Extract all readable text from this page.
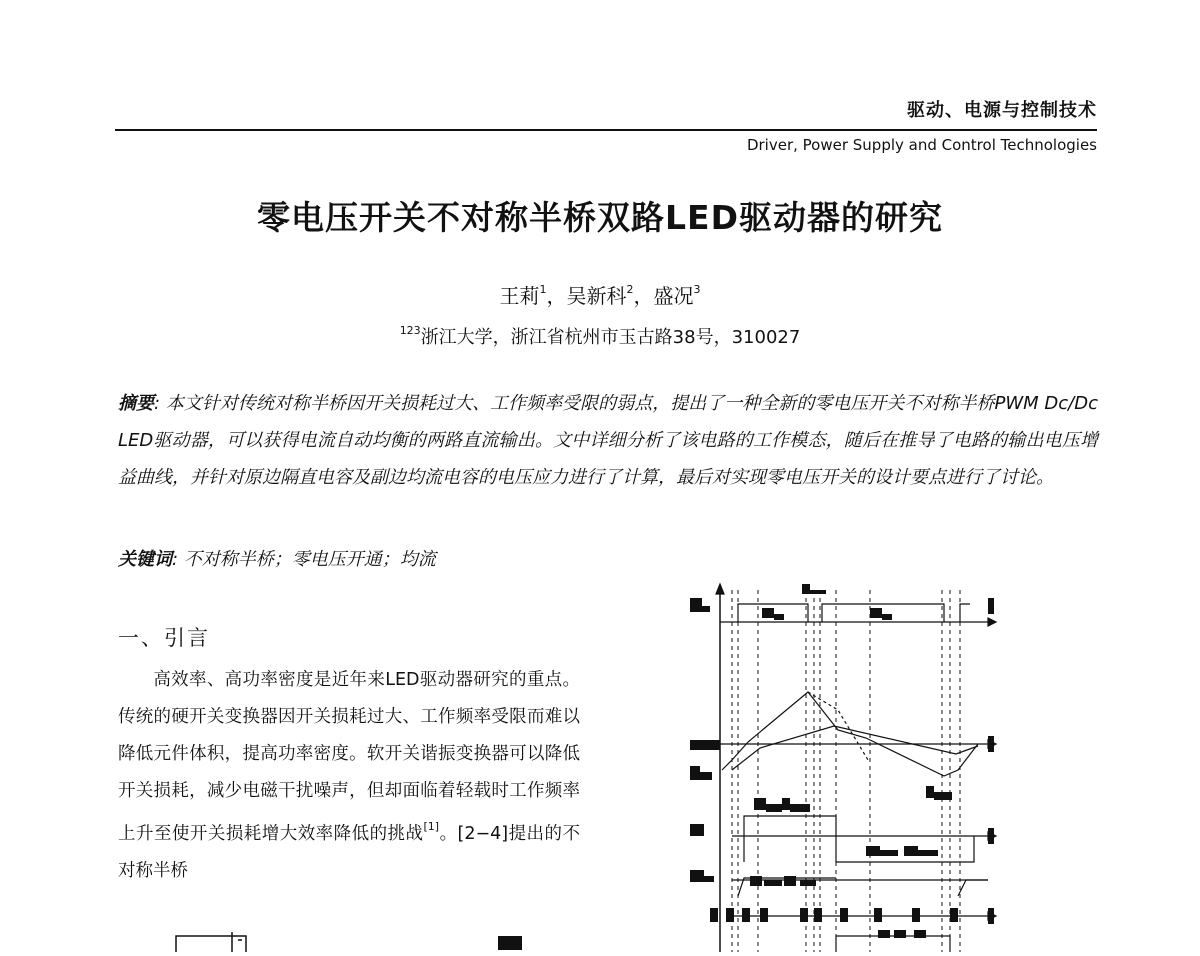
驱动、电源与控制技术
Driver, Power Supply and Control Technologies
零电压开关不对称半桥双路LED驱动器的研究
王莉$^1$，吴新科$^2$，盛况$^3$
$^{123}$浙江大学，浙江省杭州市玉古路38号，310027
摘要: 本文针对传统对称半桥因开关损耗过大、工作频率受限的弱点，提出了一种全新的零电压开关不对称半桥PWM Dc/Dc LED驱动器，可以获得电流自动均衡的两路直流输出。文中详细分析了该电路的工作模态，随后在推导了电路的输出电压增益曲线，并针对原边隔直电容及副边均流电容的电压应力进行了计算，最后对实现零电压开关的设计要点进行了讨论。
关键词: 不对称半桥；零电压开通；均流
一、引言
高效率、高功率密度是近年来LED驱动器研究的重点。传统的硬开关变换器因开关损耗过大、工作频率受限而难以降低元件体积，提高功率密度。软开关谐振变换器可以降低开关损耗，减少电磁干扰噪声，但却面临着轻载时工作频率上升至使开关损耗增大效率降低的挑战[1]。[2−4]提出的不对称半桥
